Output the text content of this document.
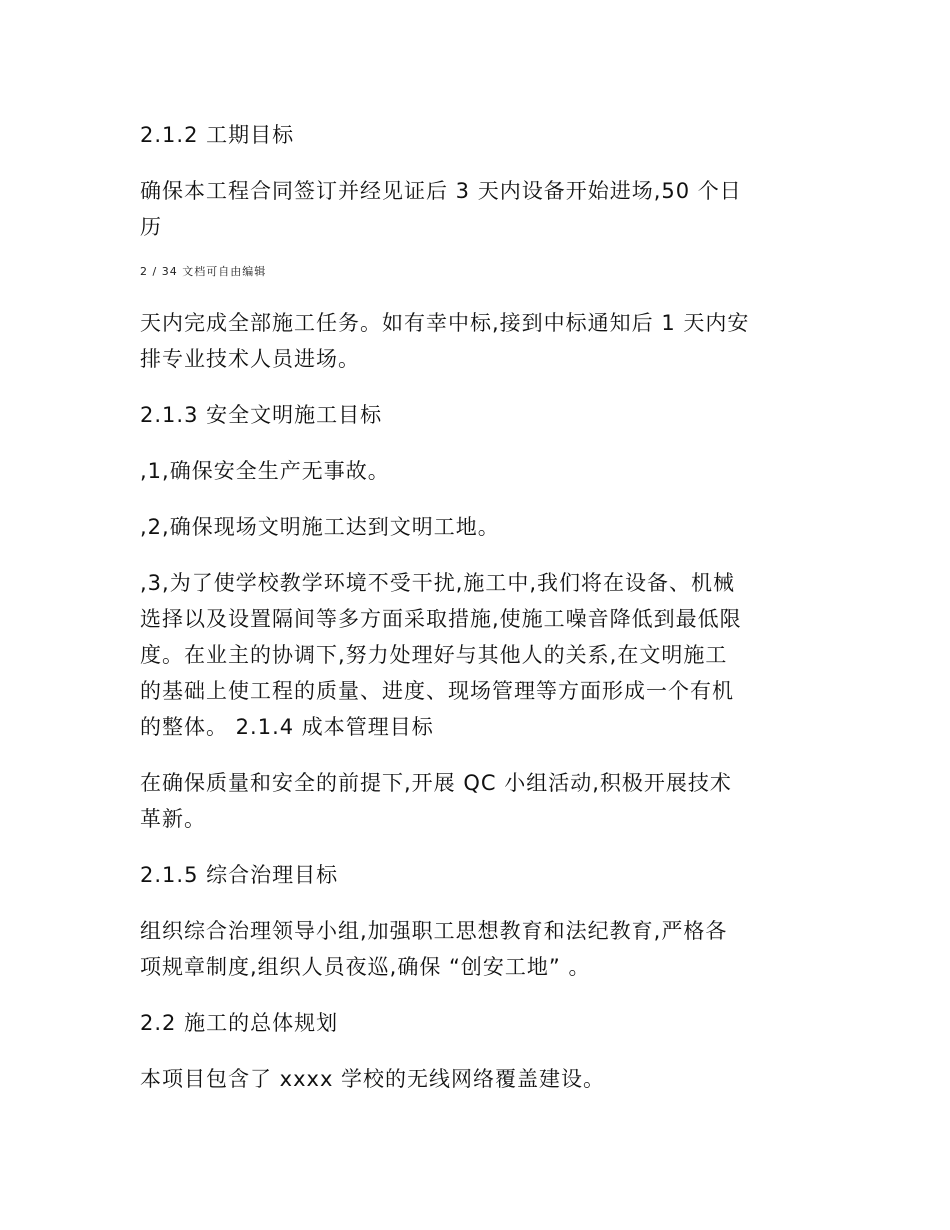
2.1.2 工期目标
确保本工程合同签订并经见证后 3 天内设备开始进场,50 个日
历
2 / 34 文档可自由编辑
天内完成全部施工任务。如有幸中标,接到中标通知后 1 天内安
排专业技术人员进场。
2.1.3 安全文明施工目标
,1,确保安全生产无事故。
,2,确保现场文明施工达到文明工地。
,3,为了使学校教学环境不受干扰,施工中,我们将在设备、机械
选择以及设置隔间等多方面采取措施,使施工噪音降低到最低限
度。在业主的协调下,努力处理好与其他人的关系,在文明施工
的基础上使工程的质量、进度、现场管理等方面形成一个有机
的整体。 2.1.4 成本管理目标
在确保质量和安全的前提下,开展 QC 小组活动,积极开展技术
革新。
2.1.5 综合治理目标
组织综合治理领导小组,加强职工思想教育和法纪教育,严格各
项规章制度,组织人员夜巡,确保 “创安工地” 。
2.2 施工的总体规划
本项目包含了 xxxx 学校的无线网络覆盖建设。
